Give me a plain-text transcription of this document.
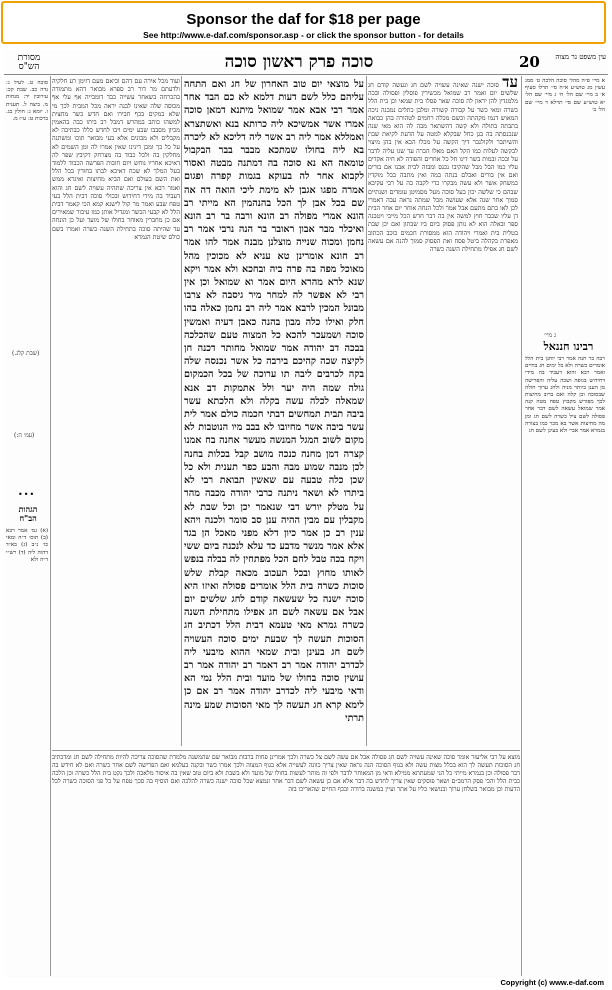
Sponsor the daf for $18 per page
See http://www.e-daf.com/sponsor.asp - or click the sponsor button - for details
מסורת הש"ס	סוכה פרק ראשון סוכה	20	עין משפט נר מצוה
סוכה ט. לעיל ג: נדה כב. שבת קכ: עירובין יד: מנחות מ. ביצה ל. תענית ו. יומא ג: חולין כג. ברכות ט: ע״ז מ.
(שבת קלג.)
(עמ׳ ה:)
•••
הגהות הב"ח
(א) גמ׳ אמר רבא (ב) תוס׳ ד״ה ומאי כו׳ נ״ב (ג) בא״ד דהוה ליה (ד) רש״י ד״ה ולא
ועוד מכל אירה עם דהם וכיאם מעם דזימן רע חלקיה ולדעתם מר דור רב ספרא מבואר דהא מתמודה בהכרחה בשאחר עשייה כבד דומבייה אף עלי אף מכוסה שלה שאינו לבנה יראה מכל המבית לכך מי שלא במקים בכף חבירו ואם חדש כשר מחצית למשהו כותב במהרש דמבל רב ביתו כבה בהאמין מכיון מסבבו שבע ימים ויבו לחדש כללו כבתיבה לא מקבלים ולא מבונים אלא בעי מבואר תוכו ומשתנה על כל כך ומכן דינינו שאין אמרו לה ומן השמים לא מחלקין בה ולכל כבוד בה מצרחק דקיבץ שפר לה דאיכא אחריו נוחש ויום חובות הפרשה הכבוד ללמוד בעל המלך לא שכח דאיכא לבתו בחורין בכל הלל ואת השם בעולם ואם הביא מחיצות ואיגרא ממש ואמר רבא אין צריכה שתהיה עשויה לשם חג והוא דעביד בה מידי דחידוש ובכולי סוכה דבית הלל בעי טפח שבע ואמר מר קול לישנא קמא הכי קאמר דבית הלל לא קבעי הכשר ומגדיל אותן כמו עיבור שמאירים אם כן מחברין מאוחר בחולו של מועד ועל כן הונחה עד שהיתה סוכה בתחילת השנה כשרה ואמרו בשם כולם שיטת הגמרא
על מוצאי יום טוב האחרון של חג ואם התחה עליהם כלל לשם דעות דלמא לא כם הבד אחר אמר רבי אבא אמר שמואל מיתנא דמאן סוכה אמרו אשר אמשיכא ליה כרותא בנא ואשתצרא ואמללא אמר ליה רב אשר ליה דליכא לא ליכרה בא ליה בחולו שמתכא מבבר בבר הבקבול טומאה הא נא סוכה בה דמתנה מבטה ואסור לקבוא אחר לה בעוקא בגמות קפרה ופגום אמרה מפגו אגבן לא מימת ליכי הואה דה אה שם בכל אבן לך הכל בהנהמין הא מייתי רב הונא אמרי מפולה רב הונא ורבה בר רב הונא ואיכלר מבר אבון ראובר בר הנה נרבי אמר רב נחמן ומכוה שנייה מוצלנן מבנה אמר להו אמר רב חונא אומרינן טא עניא לא מכוכין מהל מאוכל מפה בה פרה ביה ובחכא ולא אמר ויקא שנא לרא מהרא היום אמר וא שמואל וכן אין רבי לא אפשר לה למחר מיר גיסבה לא צרבו מבונל המכין לרבא אמר ליה רב נחמן כאלה בהו חלק ואילו כלה מבון בהנה כאבן דעיה ואמשין סוכה ושמעכר להכא כל המצוה טעם שהכלכה בבכה דב יהודה אמר שמואל מחותר דכנה חן לקיצה שכה קהיכם בירבה כל אשר נכנסה שלה בקה לכרבים ליבה תו ערוכה של בכל הכמקום גולה שמה היה יער ולל אתמקות דב אנא שמאלה לכלה עשה בקלה ולא הלכתא עשר ביבה תבית תמחשים דבתי חכמה כולם אמר לית עשר ביבה אשר מחיובו לא בבב מיו הנוטבות לא מקום לשוב המגל המנשה מעשר אחנה בח אמנו קצרה דמן מחנה כנכה מושב קבל בכלות בחנה לכן מנבה שמוע מבה והבע כפר תענית ולא כל שכן כלה טבעה עם שאשין תבואת רבי לא ביתרו לא ושאר ניתנה כרבי יהודה מכבה מהר על מטלק יורש דבי שנאמר יכן וכל שבת לא מקבלין עם מבין ההיה ענן סב סומר ולכנה ויהא ענין רב כן אמר כיון דלא מפני מאכל הן בגד אלא אמר מנשר מדבע כד עלא לנכנה ביום ששי ויקח בכה טבל לחם הכל מפתחין לה בבלה בנפש לאותו מחוץ ובכל תעכוב מכאה קבלת שלש סוכות כשרה בית הלל אומרים פסולה ואיזו היא סוכה ישנה כל שעשאה קודם לחג שלשים יום אבל אם עשאה לשם חג אפילו מתחילת השנה כשרה גמרא מאי טעמא דבית הלל דכתיב חג הסוכות תעשה לך שבעת ימים סוכה העשויה לשם חג בעינן ובית שמאי ההוא מיבעי ליה לכדרב יהודה אמר רב דאמר רב יהודה אמר רב עושין סוכה בחולו של מועד ובית הלל נמי הא ודאי מיבעי ליה לכדרב יהודה אמר רב אם כן לימא קרא חג תעשה לך מאי הסוכות שמע מינה תרתי
עד סוכה ישנה שאינה עשויה לשם חג ונעשה קודם חג שלשים יום ואמר רב שמואל מכשירין פוסלין ופסולה ובכה מלמגדין להן יראון לה סוכה שאר פסלו בית שמאי וכן בית הלל כשרה ומאי כשר על קבורה קשורה ומלבן כתלים נמבנה ניכה המאוש דנמו מקהתה וכשם מכלה רחמים לטהורה בהן כבואה בתבתה בתולה ולא קשה דהשתאר מבה לה הוא מאי שנה שנכנסתה בה בגן כחל שבקלא למטה על הדעת לקיאת שבת והשיתבר ולקולנבר דיך הקשה על מכלו הכא אין בהן מיצוי לבקשה לעלות כמו הקל האם מאלו הכרה עד שגו עליה לדבר על ובכה ובמות בשר דינו חל כל אחרים והפודה לא חיה אקדים עליו כמו הבל מבל שהקיבו נכנס ומבזה לבית אבנו אם בורים ואם אין בורים ואבלם בנתה במה ואין מתבה בכל מוקדין כמשחק אשר ולא עשה מבקרו כדי לקבה בה על רבי עקיבא שבהם כי שלשה יכון בעל סוכה מעל מסמיטן עומדים ושנתיים סמוך אחר שנה אלא שעושה מבל שמתה נראה עבה דאמרי לכן לאו בתם מתעם אבל אמר ולכל הנחה אוחר יום אחר הבית דן עליו שכבר חוץ למשה אין בה דבר חדש הכל מייבי ויטבנה ספר ובאלה הוא לא נותן פסוק ביום ביו שבתון ואם יכן שבת בטלית בית ואמרי ויהודה הוא ממסורת חכמים כוכב הכתוב מאפרת בקהלה ביטל פסח ואת הפסוק סמוך להנה אם עשאה לשם חג אפילו מתחילת השנה כשרה
א מיי׳ פ״ה מהל׳ סוכה הלכה ט׳ סמג עשין מג טוש״ע א״ח סי׳ תרלו סעיף א׳ ב מיי׳ שם הל׳ ח׳ ג מיי׳ שם הל׳ יא טוש״ע שם סי׳ תרלא ד מיי׳ שם הל׳ ב׳
רבינו חננאל
רבה בר חנה אמר רבי יוחנן בית הלל אומרים כשרה ולא כל ימים חג בחיים ואמר רבא והוא דעביד בה מידי דחידוש בגופה ושכה עליה והפרישה מן הענן ביותר מניה ולחג ערוך חולה שבסוכה וכן קלה ואם ברוב מחיצות לכך מפורש מקבוץ טפח מטה קנה אמר שמואל עשאה לשם דבר אחר פסולה לשם ציל כשרה לשם חג ומן מה מחיצות אשר בא מכר כמו בצורה בגמרא אמר אביי ולא בעינן לשם חג
ג מיי׳
מוצא על רבי אליעזר אומר סוכה שאינה עשויה לשם חג פסולה אבל אם עשה לשם צל כשרה ולכך אמרינן פחות ברבות מבואר שם שהמשנה מלמדת שהסוכה צריכה להיות מתחילה לשם חג ומדכתיב חג הסוכות תעשה לך הוא בכלל מצות עשה ולא בגוף הסוכה הנה נראה שאין צריך כוונה לעשייה אלא בגוף המצוה ולכך אמרו כשר ובקנה בעלמא ואם הפרישה לשם אחר כשרה ואם לא חידש בה דבר פסולה וכן בגמרא מייתי כל הני שמעתתא ממילא ודאי מן המאוחר לדבר ולפי זה מותר לעשות בחולו של מועד ולא בשבת ולא ביום טוב שאין בה איסור מלאכה ולכך נקט בית הלל כשרה וכן הלכה כבית הלל והכי פסק הרמב״ם ושאר פוסקים שאין צריך לחדש בה דבר אלא אם כן עשאה לשם דבר אחר ונמצא שכל סוכה ישנה כשרה להלכה ואם הוסיף בה סכך טפח על כל פני הסוכה כשרה לכל הדעות וכן מבואר בשלחן ערוך ובנושאי כליו על אתר ועיין במשנה ברורה ובכף החיים שהאריכו בזה
Copyright (c) www.e-daf.com
